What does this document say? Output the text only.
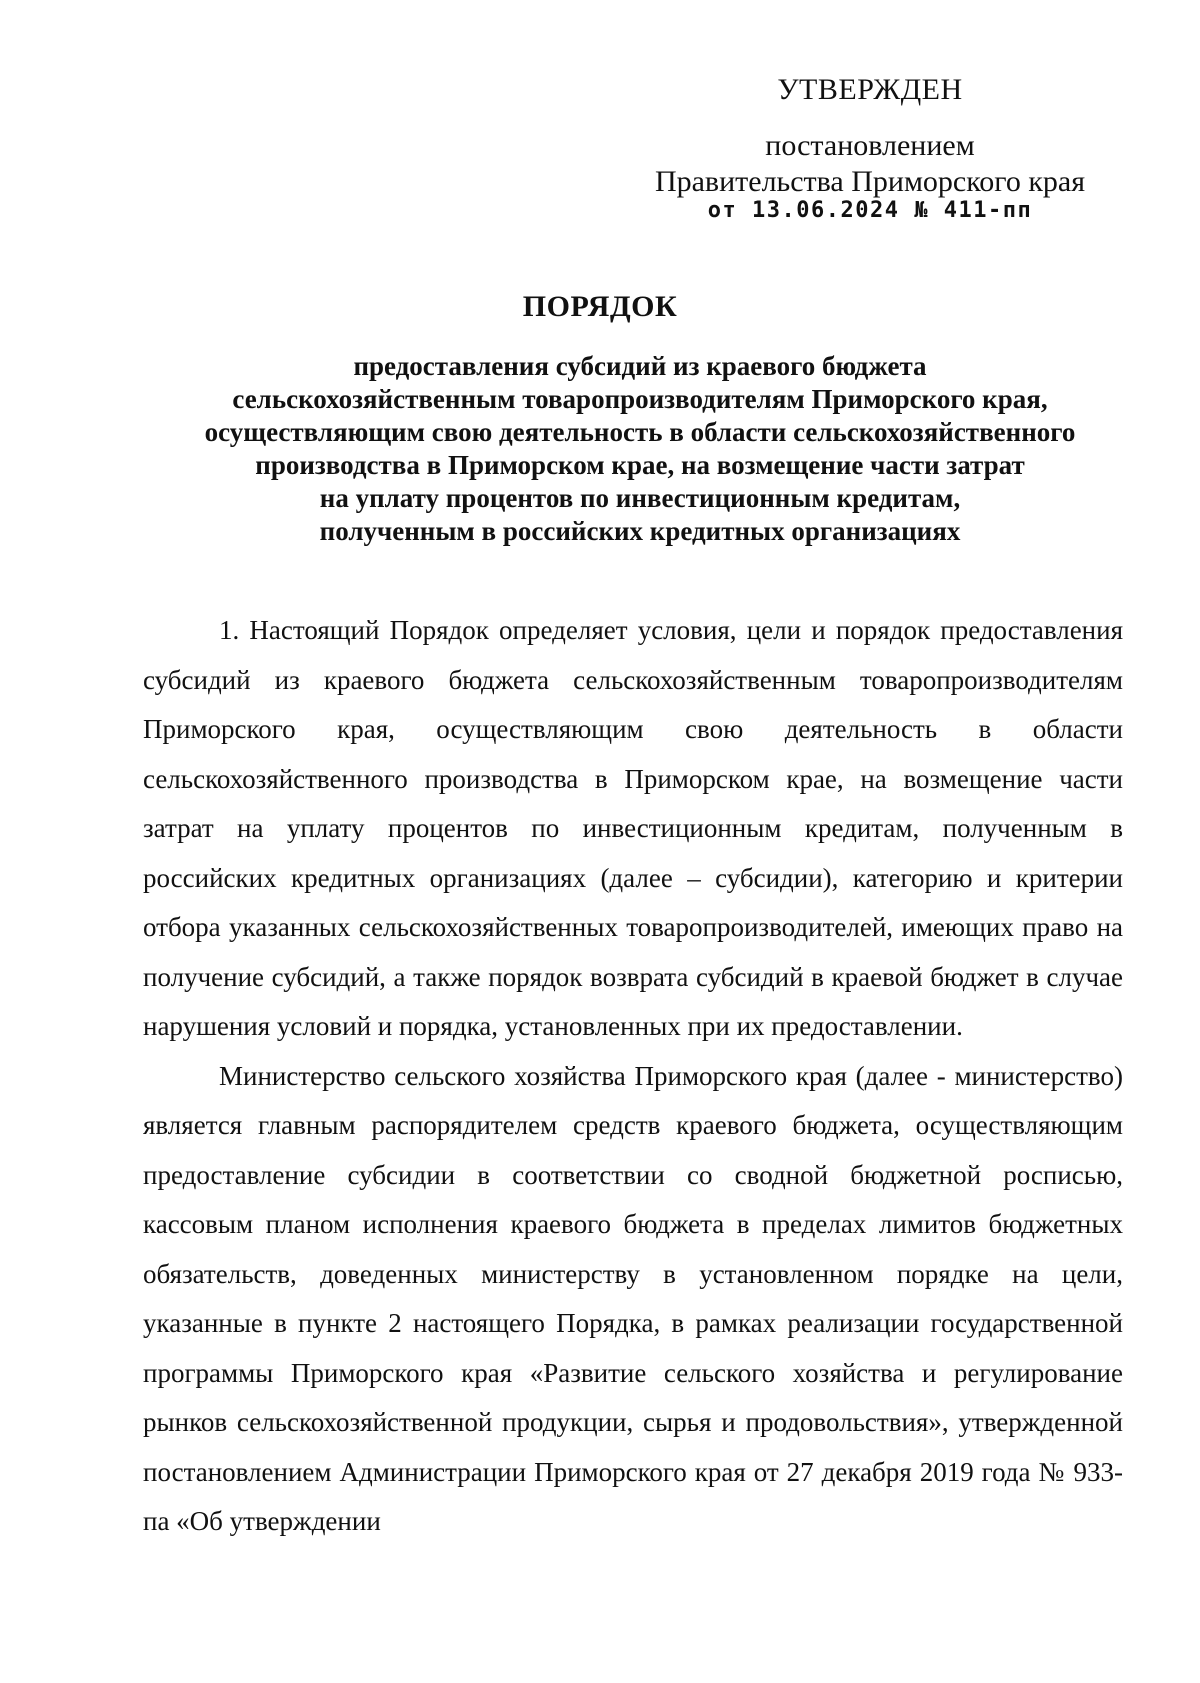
УТВЕРЖДЕН
постановлением
Правительства Приморского края
от 13.06.2024 № 411-пп
ПОРЯДОК
предоставления субсидий из краевого бюджета
сельскохозяйственным товаропроизводителям Приморского края,
осуществляющим свою деятельность в области сельскохозяйственного
производства в Приморском крае, на возмещение части затрат
на уплату процентов по инвестиционным кредитам,
полученным в российских кредитных организациях

1. Настоящий Порядок определяет условия, цели и порядок предоставления субсидий из краевого бюджета сельскохозяйственным товаропроизводителям Приморского края, осуществляющим свою деятельность в области сельскохозяйственного производства в Приморском крае, на возмещение части затрат на уплату процентов по инвестиционным кредитам, полученным в российских кредитных организациях (далее – субсидии), категорию и критерии отбора указанных сельскохозяйственных товаропроизводителей, имеющих право на получение субсидий, а также порядок возврата субсидий в краевой бюджет в случае нарушения условий и порядка, установленных при их предоставлении.

Министерство сельского хозяйства Приморского края (далее - министерство) является главным распорядителем средств краевого бюджета, осуществляющим предоставление субсидии в соответствии со сводной бюджетной росписью, кассовым планом исполнения краевого бюджета в пределах лимитов бюджетных обязательств, доведенных министерству в установленном порядке на цели, указанные в пункте 2 настоящего Порядка, в рамках реализации государственной программы Приморского края «Развитие сельского хозяйства и регулирование рынков сельскохозяйственной продукции, сырья и продовольствия», утвержденной постановлением Администрации Приморского края от 27 декабря 2019 года № 933-па «Об утверждении
